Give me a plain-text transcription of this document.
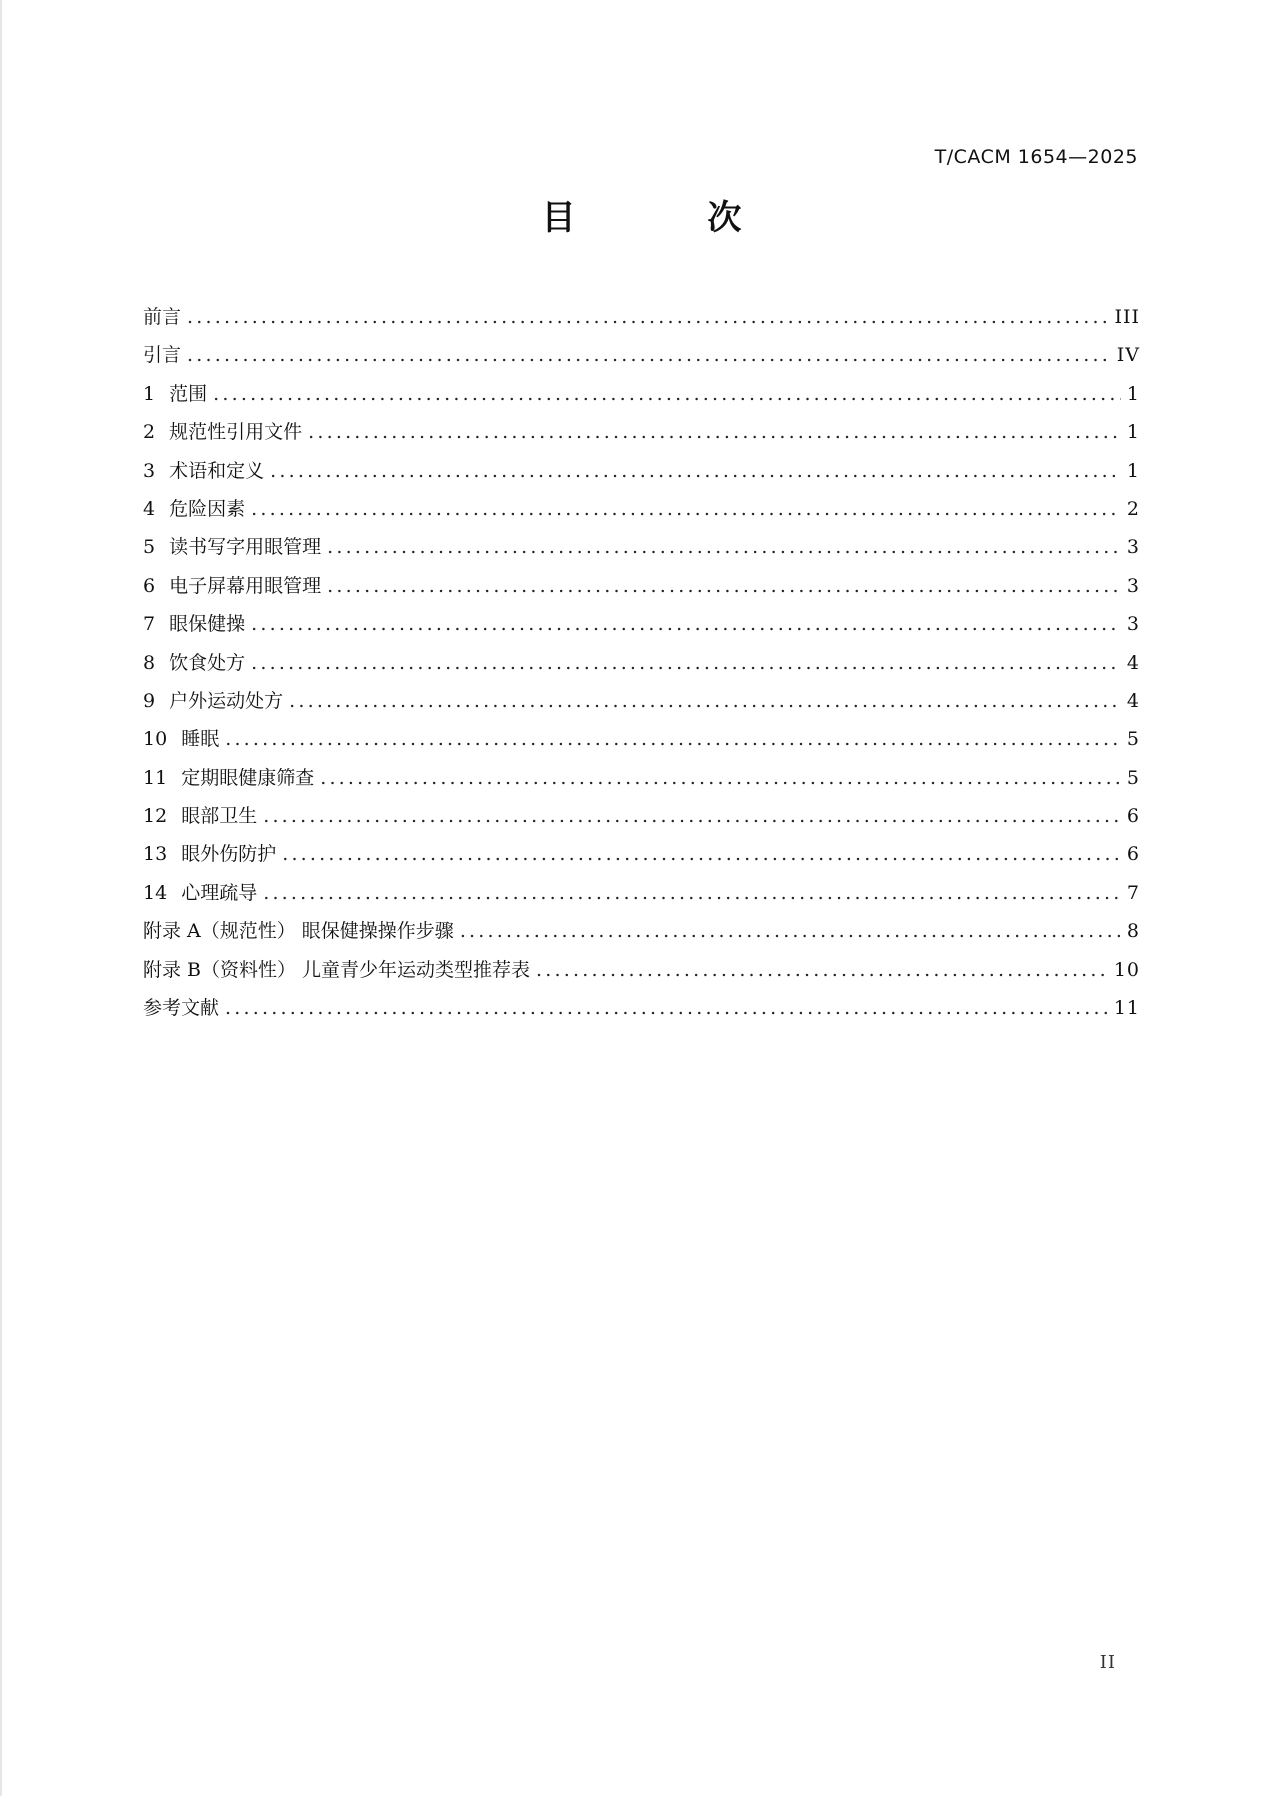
T/CACM 1654—2025
目 次
前言 .....	III
引言 .....	IV
1 范围 .....	1
2 规范性引用文件 .....	1
3 术语和定义 .....	1
4 危险因素 .....	2
5 读书写字用眼管理 .....	3
6 电子屏幕用眼管理 .....	3
7 眼保健操 .....	3
8 饮食处方 .....	4
9 户外运动处方 .....	4
10 睡眠 .....	5
11 定期眼健康筛查 .....	5
12 眼部卫生 .....	6
13 眼外伤防护 .....	6
14 心理疏导 .....	7
附录 A（规范性） 眼保健操操作步骤 .....	8
附录 B（资料性） 儿童青少年运动类型推荐表 .....	10
参考文献 .....	11
II
